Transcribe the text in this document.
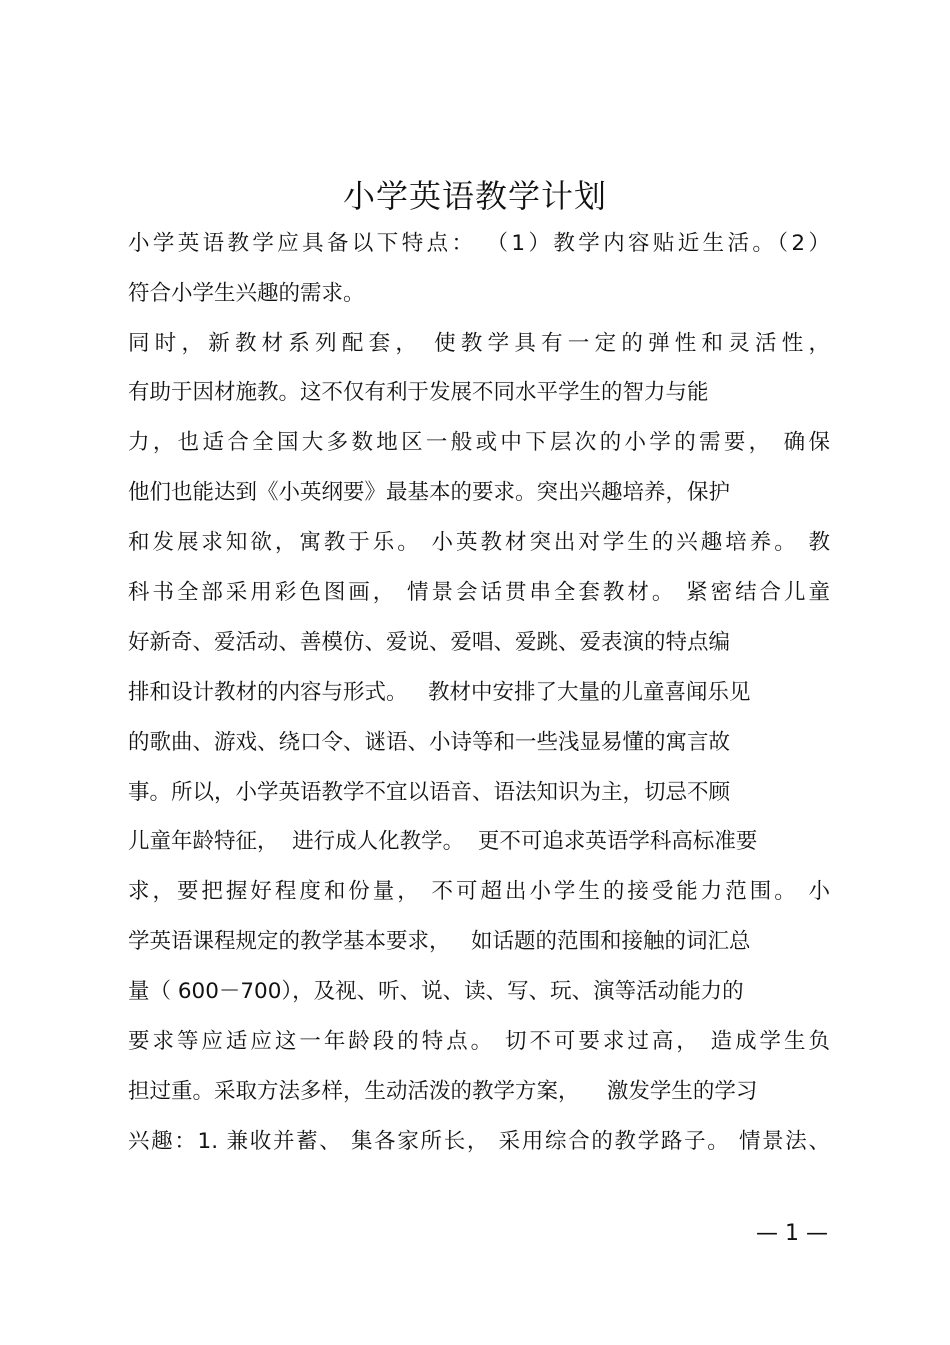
小学英语教学计划
小学英语教学应具备以下特点： （1）教学内容贴近生活。（2）
符合小学生兴趣的需求。
同时，新教材系列配套， 使教学具有一定的弹性和灵活性，
有助于因材施教。这不仅有利于发展不同水平学生的智力与能
力，也适合全国大多数地区一般或中下层次的小学的需要， 确保
他们也能达到《小英纲要》最基本的要求。突出兴趣培养，保护
和发展求知欲，寓教于乐。 小英教材突出对学生的兴趣培养。 教
科书全部采用彩色图画， 情景会话贯串全套教材。 紧密结合儿童
好新奇、爱活动、善模仿、爱说、爱唱、爱跳、爱表演的特点编
排和设计教材的内容与形式。   教材中安排了大量的儿童喜闻乐见
的歌曲、游戏、绕口令、谜语、小诗等和一些浅显易懂的寓言故
事。所以，小学英语教学不宜以语音、语法知识为主，切忌不顾
儿童年龄特征，  进行成人化教学。  更不可追求英语学科高标准要
求，要把握好程度和份量， 不可超出小学生的接受能力范围。 小
学英语课程规定的教学基本要求，   如话题的范围和接触的词汇总
量（ 600－700），及视、听、说、读、写、玩、演等活动能力的
要求等应适应这一年龄段的特点。 切不可要求过高， 造成学生负
担过重。采取方法多样，生动活泼的教学方案，    激发学生的学习
兴趣：1. 兼收并蓄、 集各家所长， 采用综合的教学路子。 情景法、
— 1 —
